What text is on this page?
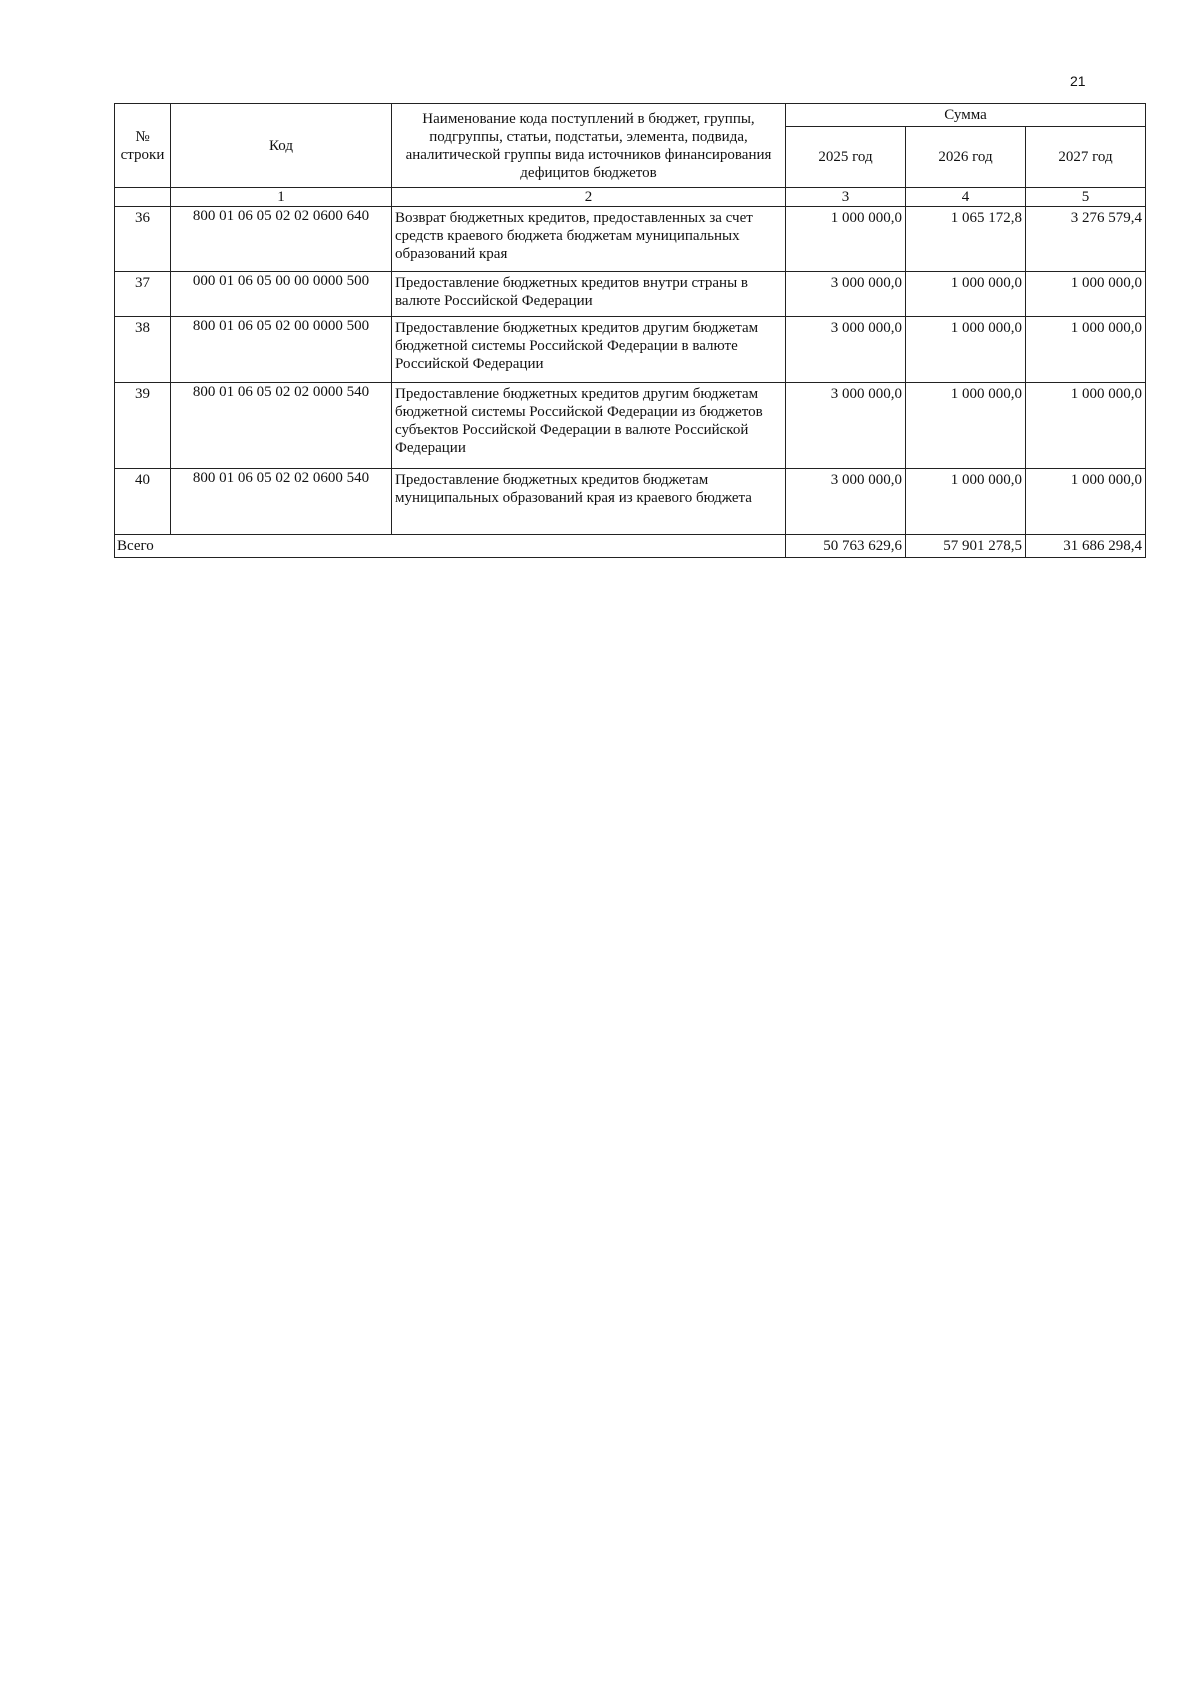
21
№ строки	Код	Наименование кода поступлений в бюджет, группы, подгруппы, статьи, подстатьи, элемента, подвида, аналитической группы вида источников финансирования дефицитов бюджетов	Сумма		
			2025 год	2026 год	2027 год
	1	2	3	4	5
36	800 01 06 05 02 02 0600 640	Возврат бюджетных кредитов, предоставленных за счет средств краевого бюджета бюджетам муниципальных образований края	1 000 000,0	1 065 172,8	3 276 579,4
37	000 01 06 05 00 00 0000 500	Предоставление бюджетных кредитов внутри страны в валюте Российской Федерации	3 000 000,0	1 000 000,0	1 000 000,0
38	800 01 06 05 02 00 0000 500	Предоставление бюджетных кредитов другим бюджетам бюджетной системы Российской Федерации в валюте Российской Федерации	3 000 000,0	1 000 000,0	1 000 000,0
39	800 01 06 05 02 02 0000 540	Предоставление бюджетных кредитов другим бюджетам бюджетной системы Российской Федерации из бюджетов субъектов Российской Федерации в валюте Российской Федерации	3 000 000,0	1 000 000,0	1 000 000,0
40	800 01 06 05 02 02 0600 540	Предоставление бюджетных кредитов бюджетам муниципальных образований края из краевого бюджета	3 000 000,0	1 000 000,0	1 000 000,0
Всего			50 763 629,6	57 901 278,5	31 686 298,4
